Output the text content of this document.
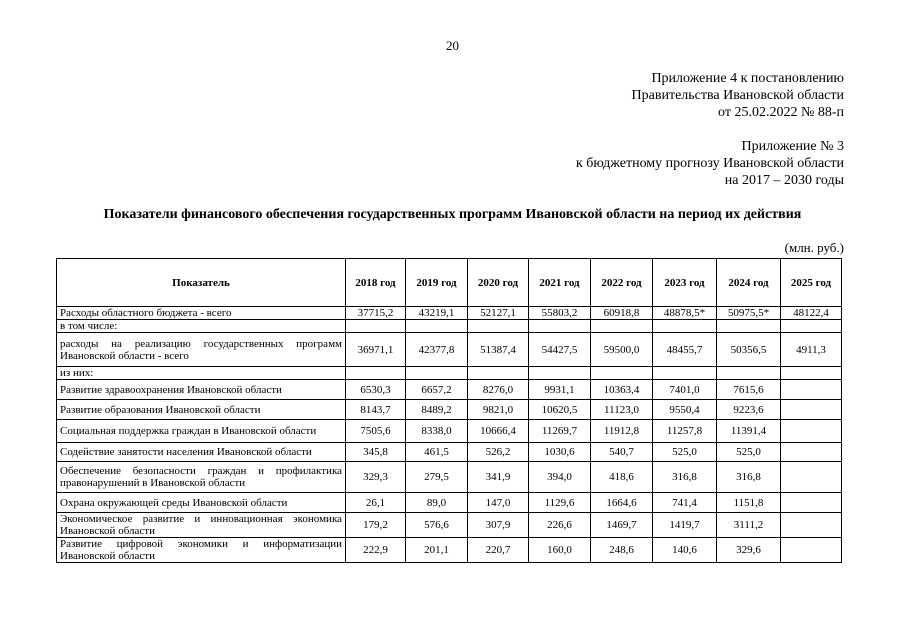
20
Приложение 4 к постановлению
Правительства Ивановской области
от 25.02.2022 № 88-п
Приложение № 3
к бюджетному прогнозу Ивановской области
на 2017 – 2030 годы
Показатели финансового обеспечения государственных программ Ивановской области на период их действия
(млн. руб.)
Показатель	2018 год	2019 год	2020 год	2021 год	2022 год	2023 год	2024 год	2025 год
Расходы областного бюджета - всего	37715,2	43219,1	52127,1	55803,2	60918,8	48878,5*	50975,5*	48122,4
в том числе:								
расходы на реализацию государственных программ Ивановской области - всего	36971,1	42377,8	51387,4	54427,5	59500,0	48455,7	50356,5	4911,3
из них:								
Развитие здравоохранения Ивановской области	6530,3	6657,2	8276,0	9931,1	10363,4	7401,0	7615,6	
Развитие образования Ивановской области	8143,7	8489,2	9821,0	10620,5	11123,0	9550,4	9223,6	
Социальная поддержка граждан в Ивановской области	7505,6	8338,0	10666,4	11269,7	11912,8	11257,8	11391,4	
Содействие занятости населения Ивановской области	345,8	461,5	526,2	1030,6	540,7	525,0	525,0	
Обеспечение безопасности граждан и профилактика правонарушений в Ивановской области	329,3	279,5	341,9	394,0	418,6	316,8	316,8	
Охрана окружающей среды Ивановской области	26,1	89,0	147,0	1129,6	1664,6	741,4	1151,8	
Экономическое развитие и инновационная экономика Ивановской области	179,2	576,6	307,9	226,6	1469,7	1419,7	3111,2	
Развитие цифровой экономики и информатизации Ивановской области	222,9	201,1	220,7	160,0	248,6	140,6	329,6	
